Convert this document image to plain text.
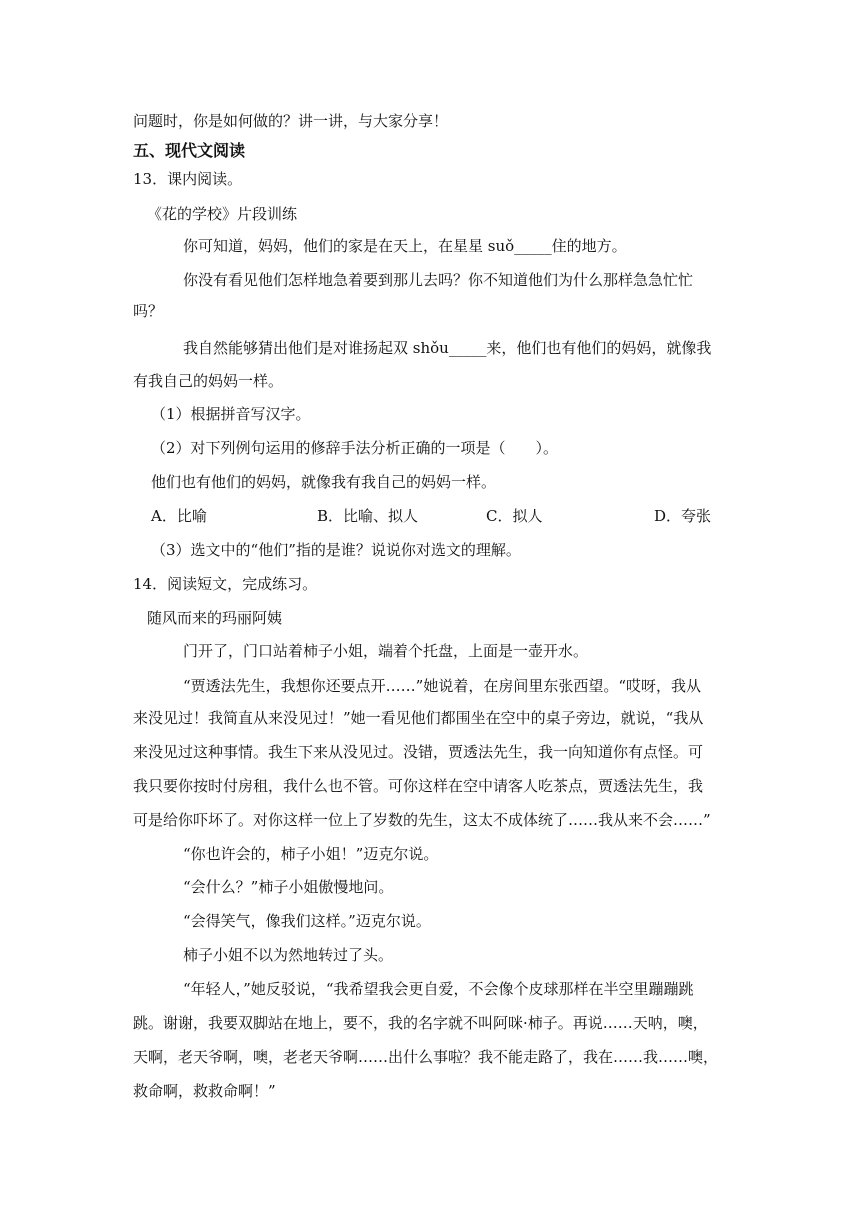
问题时，你是如何做的？讲一讲，与大家分享！
五、现代文阅读
13．课内阅读。
《花的学校》片段训练
你可知道，妈妈，他们的家是在天上，在星星 suǒ_____住的地方。
你没有看见他们怎样地急着要到那儿去吗？你不知道他们为什么那样急急忙忙
吗？
我自然能够猜出他们是对谁扬起双 shǒu_____来，他们也有他们的妈妈，就像我
有我自己的妈妈一样。
（1）根据拼音写汉字。
（2）对下列例句运用的修辞手法分析正确的一项是（　　）。
他们也有他们的妈妈，就像我有我自己的妈妈一样。
A．比喻	B．比喻、拟人	C．拟人	D．夸张
（3）选文中的“他们”指的是谁？说说你对选文的理解。
14．阅读短文，完成练习。
随风而来的玛丽阿姨
门开了，门口站着柿子小姐，端着个托盘，上面是一壶开水。
“贾透法先生，我想你还要点开……”她说着，在房间里东张西望。“哎呀，我从
来没见过！我简直从来没见过！”她一看见他们都围坐在空中的桌子旁边，就说，“我从
来没见过这种事情。我生下来从没见过。没错，贾透法先生，我一向知道你有点怪。可
我只要你按时付房租，我什么也不管。可你这样在空中请客人吃茶点，贾透法先生，我
可是给你吓坏了。对你这样一位上了岁数的先生，这太不成体统了……我从来不会……”
“你也许会的，柿子小姐！”迈克尔说。
“会什么？”柿子小姐傲慢地问。
“会得笑气，像我们这样。”迈克尔说。
柿子小姐不以为然地转过了头。
“年轻人，”她反驳说，“我希望我会更自爱，不会像个皮球那样在半空里蹦蹦跳
跳。谢谢，我要双脚站在地上，要不，我的名字就不叫阿咪·柿子。再说……天呐，噢，
天啊，老天爷啊，噢，老老天爷啊……出什么事啦？我不能走路了，我在……我……噢，
救命啊，救救命啊！”
